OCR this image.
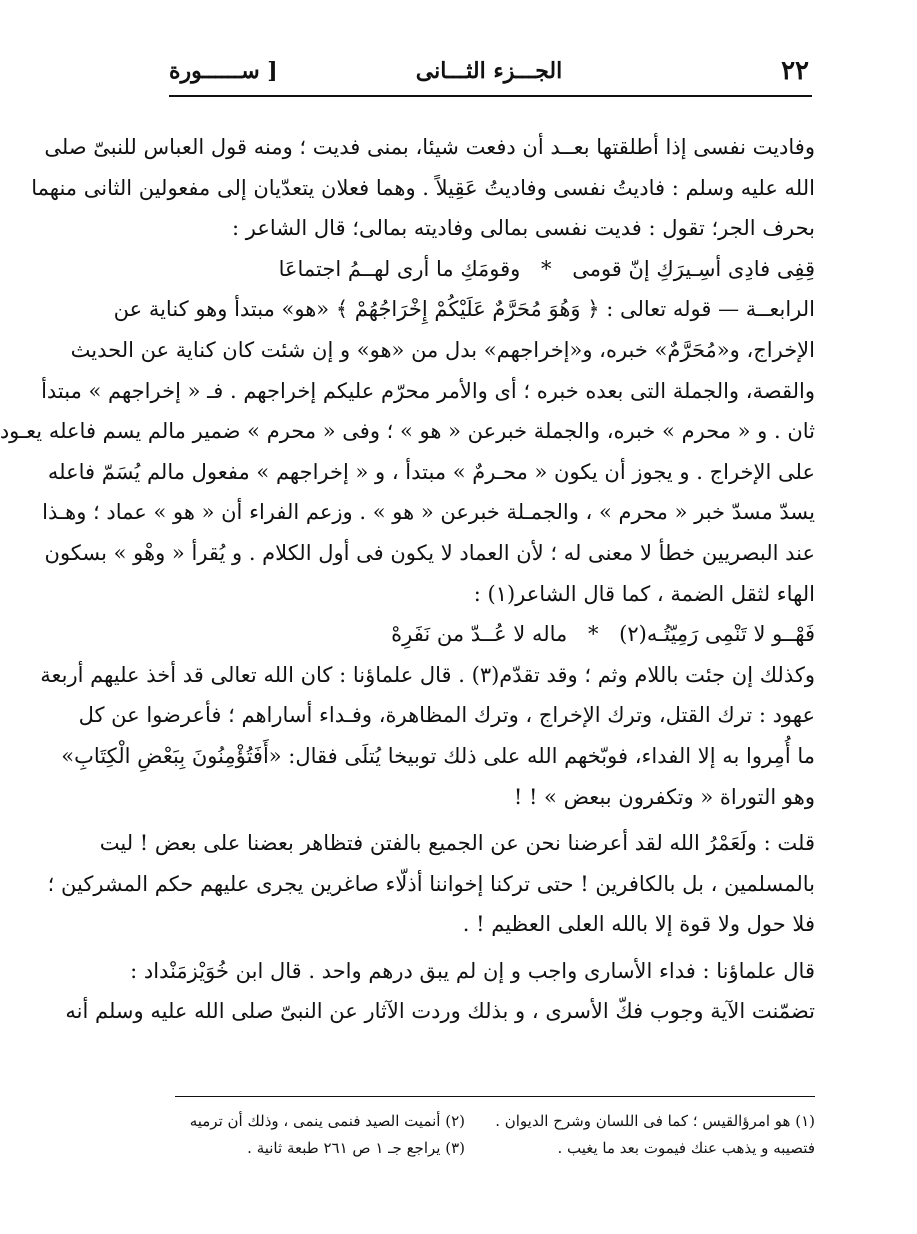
٢٢
الجـــزء الثـــانى
[ ســــــورة
وفاديت نفسى إذا أطلقتها بعــد أن دفعت شيئا، بمنى فديت ؛ ومنه قول العباس للنبىّ صلى
الله عليه وسلم : فاديتُ نفسى وفاديتُ عَقِيلاً . وهما فعلان يتعدّيان إلى مفعولين الثانى منهما
بحرف الجر؛ تقول : فديت نفسى بمالى وفاديته بمالى؛ قال الشاعر :
قِفِى فادِى أسِـيرَكِ إنّ قومى * وقومَكِ ما أرى لهــمُ اجتماعَا
الرابعــة — قوله تعالى : ﴿ وَهُوَ مُحَرَّمٌ عَلَيْكُمْ إِخْرَاجُهُمْ ﴾ «هو» مبتدأ وهو كناية عن
الإخراج، و«مُحَرَّمٌ» خبره، و«إخراجهم» بدل من «هو» و إن شئت كان كناية عن الحديث
والقصة، والجملة التى بعده خبره ؛ أى والأمر محرّم عليكم إخراجهم . فـ « إخراجهم » مبتدأ
ثان . و « محرم » خبره، والجملة خبرعن « هو » ؛ وفى « محرم » ضمير مالم يسم فاعله يعـود
على الإخراج . و يجوز أن يكون « محـرمٌ » مبتدأ ، و « إخراجهم » مفعول مالم يُسَمّ فاعله
يسدّ مسدّ خبر « محرم » ، والجمـلة خبرعن « هو » . وزعم الفراء أن « هو » عماد ؛ وهـذا
عند البصريين خطأ لا معنى له ؛ لأن العماد لا يكون فى أول الكلام . و يُقرأ « وهْو » بسكون
الهاء لثقل الضمة ، كما قال الشاعر(١) :
فَهْــو لا تَنْمِى رَمِيّتُـه(٢) * ماله لا عُــدّ من نَفَرِهْ
وكذلك إن جئت باللام وثم ؛ وقد تقدّم(٣) . قال علماؤنا : كان الله تعالى قد أخذ عليهم أربعة
عهود : ترك القتل، وترك الإخراج ، وترك المظاهرة، وفـداء أساراهم ؛ فأعرضوا عن كل
ما أُمِروا به إلا الفداء، فوبّخهم الله على ذلك توبيخا يُتلَى فقال: «أَفَتُؤْمِنُونَ بِبَعْضِ الْكِتَابِ»
وهو التوراة « وتكفرون ببعض » ! !
قلت : ولَعَمْرُ الله لقد أعرضنا نحن عن الجميع بالفتن فتظاهر بعضنا على بعض ! ليت
بالمسلمين ، بل بالكافرين ! حتى تركنا إخواننا أذلّاء صاغرين يجرى عليهم حكم المشركين ؛
فلا حول ولا قوة إلا بالله العلى العظيم ! .
قال علماؤنا : فداء الأسارى واجب و إن لم يبق درهم واحد . قال ابن خُوَيْزمَنْداد :
تضمّنت الآية وجوب فكّ الأسرى ، و بذلك وردت الآثار عن النبىّ صلى الله عليه وسلم أنه
(١) هو امرؤالقيس ؛ كما فى اللسان وشرح الديوان .
(٢) أنميت الصيد فنمى ينمى ، وذلك أن ترميه
فتصيبه و يذهب عنك فيموت بعد ما يغيب .
(٣) يراجع جـ ١ ص ٢٦١ طبعة ثانية .
